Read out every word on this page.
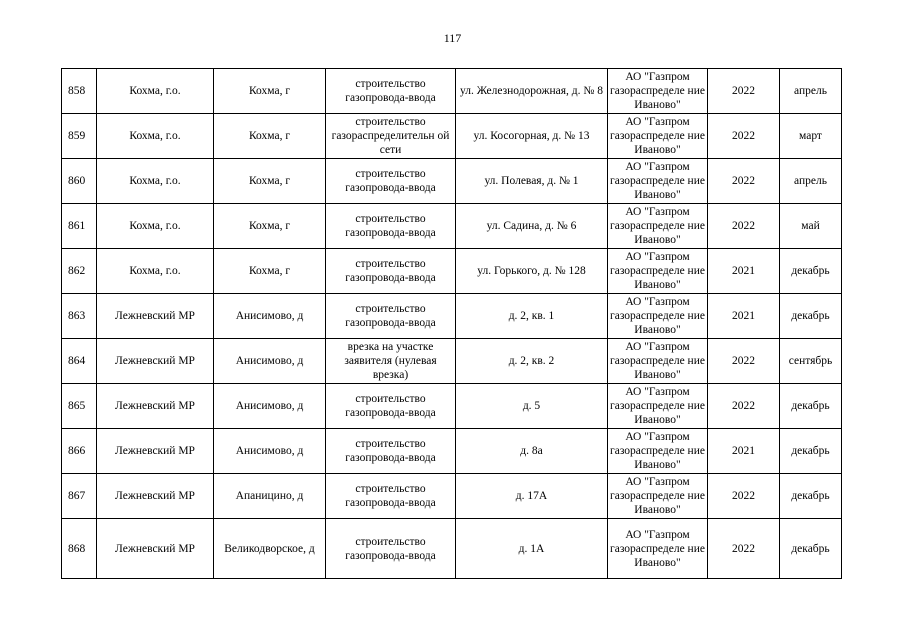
117
858	Кохма, г.о.	Кохма, г	строительство газопровода-ввода	ул. Железнодорожная, д. № 8	АО "Газпром газораспределе ние Иваново"	2022	апрель
859	Кохма, г.о.	Кохма, г	строительство газораспределительн ой сети	ул. Косогорная, д. № 13	АО "Газпром газораспределе ние Иваново"	2022	март
860	Кохма, г.о.	Кохма, г	строительство газопровода-ввода	ул. Полевая, д. № 1	АО "Газпром газораспределе ние Иваново"	2022	апрель
861	Кохма, г.о.	Кохма, г	строительство газопровода-ввода	ул. Садина, д. № 6	АО "Газпром газораспределе ние Иваново"	2022	май
862	Кохма, г.о.	Кохма, г	строительство газопровода-ввода	ул. Горького, д. № 128	АО "Газпром газораспределе ние Иваново"	2021	декабрь
863	Лежневский МР	Анисимово, д	строительство газопровода-ввода	д. 2, кв. 1	АО "Газпром газораспределе ние Иваново"	2021	декабрь
864	Лежневский МР	Анисимово, д	врезка на участке заявителя (нулевая врезка)	д. 2, кв. 2	АО "Газпром газораспределе ние Иваново"	2022	сентябрь
865	Лежневский МР	Анисимово, д	строительство газопровода-ввода	д. 5	АО "Газпром газораспределе ние Иваново"	2022	декабрь
866	Лежневский МР	Анисимово, д	строительство газопровода-ввода	д. 8а	АО "Газпром газораспределе ние Иваново"	2021	декабрь
867	Лежневский МР	Апаницино, д	строительство газопровода-ввода	д. 17А	АО "Газпром газораспределе ние Иваново"	2022	декабрь
868	Лежневский МР	Великодворское, д	строительство газопровода-ввода	д. 1А	АО "Газпром газораспределе ние Иваново"	2022	декабрь
